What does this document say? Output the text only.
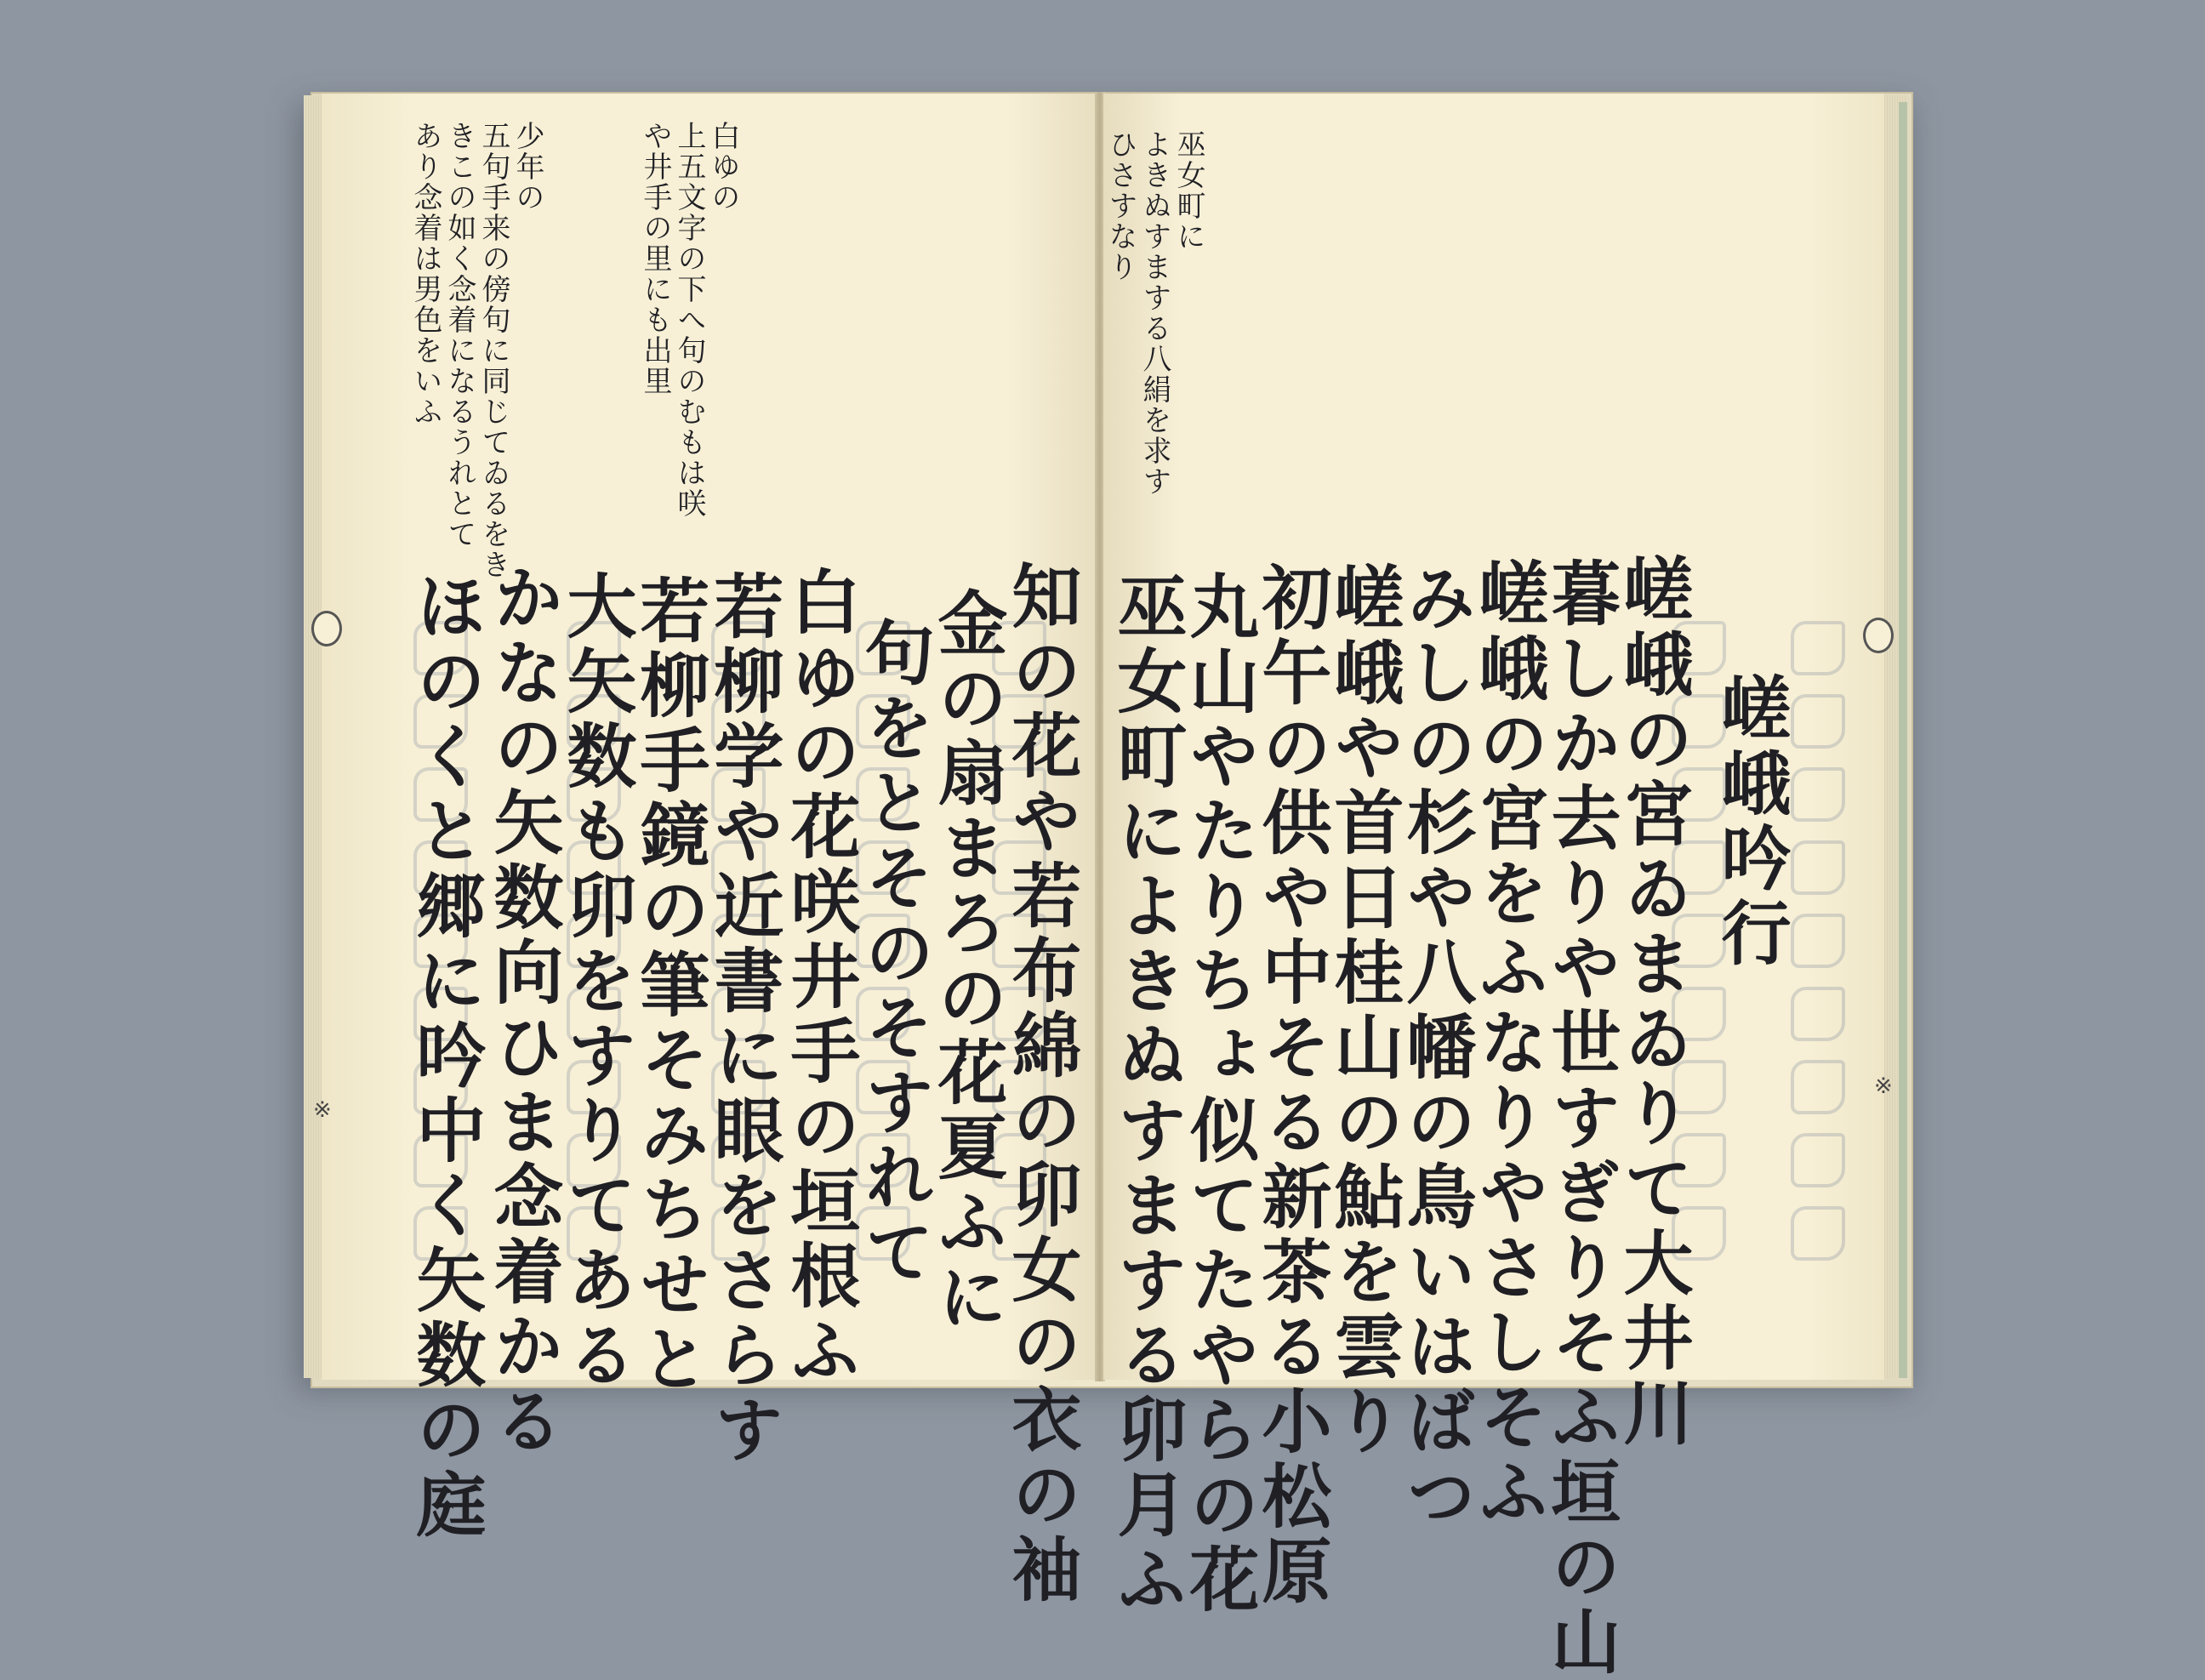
白ゆの
上五文字の下へ句のむもは咲
や井手の里にも出里
少年の
五句手来の傍句に同じてゐるをき
きこの如く念着になるうれとて
あり念着は男色をいふ
知の花や若布綿の卯女の衣の袖
金の扇まろの花夏ふに
句をとそのそすれて
白ゆの花咲井手の垣根ふ
若柳学や近書に眼をさらす
若柳手鏡の筆そみちせと
大矢数も卯をすりてある
かなの矢数向ひま念着かる
ほのくと郷に吟中く矢数の庭
巫女町に
よきぬすまする八絹を求す
ひさすなり
嵯峨吟行
嵯峨の宮ゐまゐりて大井川
暮しか去りや世すぎりそふ垣の山
嵯峨の宮をふなりやさしそふ
みしの杉や八幡の鳥いはばつ
嵯峨や首日桂山の鮎を雲り
初午の供や中そる新茶る小松原
丸山やたりちょ似てたやらの花
巫女町によきぬすまする卯月ふ
※
※
